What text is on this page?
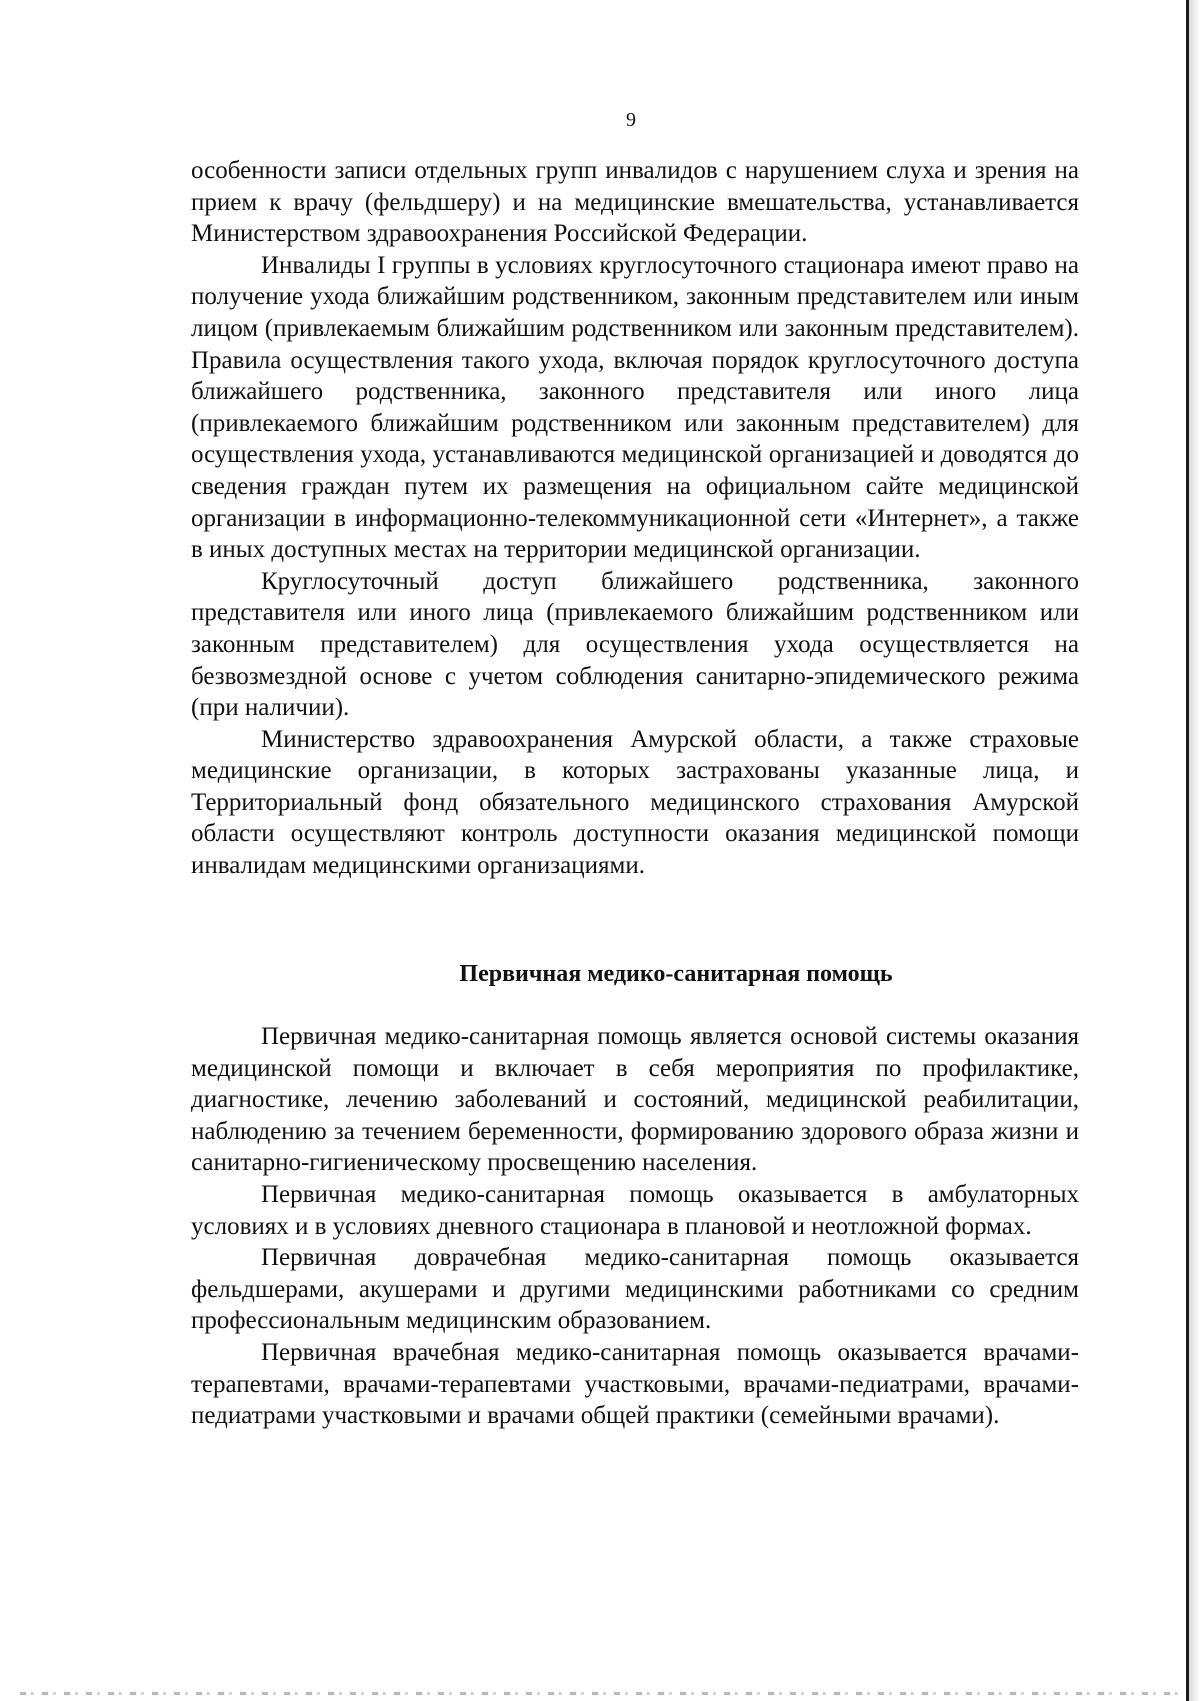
9

особенности записи отдельных групп инвалидов с нарушением слуха и зрения на прием к врачу (фельдшеру) и на медицинские вмешательства, устанавливается Министерством здравоохранения Российской Федерации.

Инвалиды I группы в условиях круглосуточного стационара имеют право на получение ухода ближайшим родственником, законным представителем или иным лицом (привлекаемым ближайшим родственником или законным представителем). Правила осуществления такого ухода, включая порядок круглосуточного доступа ближайшего родственника, законного представителя или иного лица (привлекаемого ближайшим родственником или законным представителем) для осуществления ухода, устанавливаются медицинской организацией и доводятся до сведения граждан путем их размещения на официальном сайте медицинской организации в информационно-телекоммуникационной сети «Интернет», а также в иных доступных местах на территории медицинской организации.

Круглосуточный доступ ближайшего родственника, законного представителя или иного лица (привлекаемого ближайшим родственником или законным представителем) для осуществления ухода осуществляется на безвозмездной основе с учетом соблюдения санитарно-эпидемического режима (при наличии).

Министерство здравоохранения Амурской области, а также страховые медицинские организации, в которых застрахованы указанные лица, и Территориальный фонд обязательного медицинского страхования Амурской области осуществляют контроль доступности оказания медицинской помощи инвалидам медицинскими организациями.

Первичная медико-санитарная помощь

Первичная медико-санитарная помощь является основой системы оказания медицинской помощи и включает в себя мероприятия по профилактике, диагностике, лечению заболеваний и состояний, медицинской реабилитации, наблюдению за течением беременности, формированию здорового образа жизни и санитарно-гигиеническому просвещению населения.

Первичная медико-санитарная помощь оказывается в амбулаторных условиях и в условиях дневного стационара в плановой и неотложной формах.

Первичная доврачебная медико-санитарная помощь оказывается фельдшерами, акушерами и другими медицинскими работниками со средним профессиональным медицинским образованием.

Первичная врачебная медико-санитарная помощь оказывается врачами-терапевтами, врачами-терапевтами участковыми, врачами-педиатрами, врачами-педиатрами участковыми и врачами общей практики (семейными врачами).
